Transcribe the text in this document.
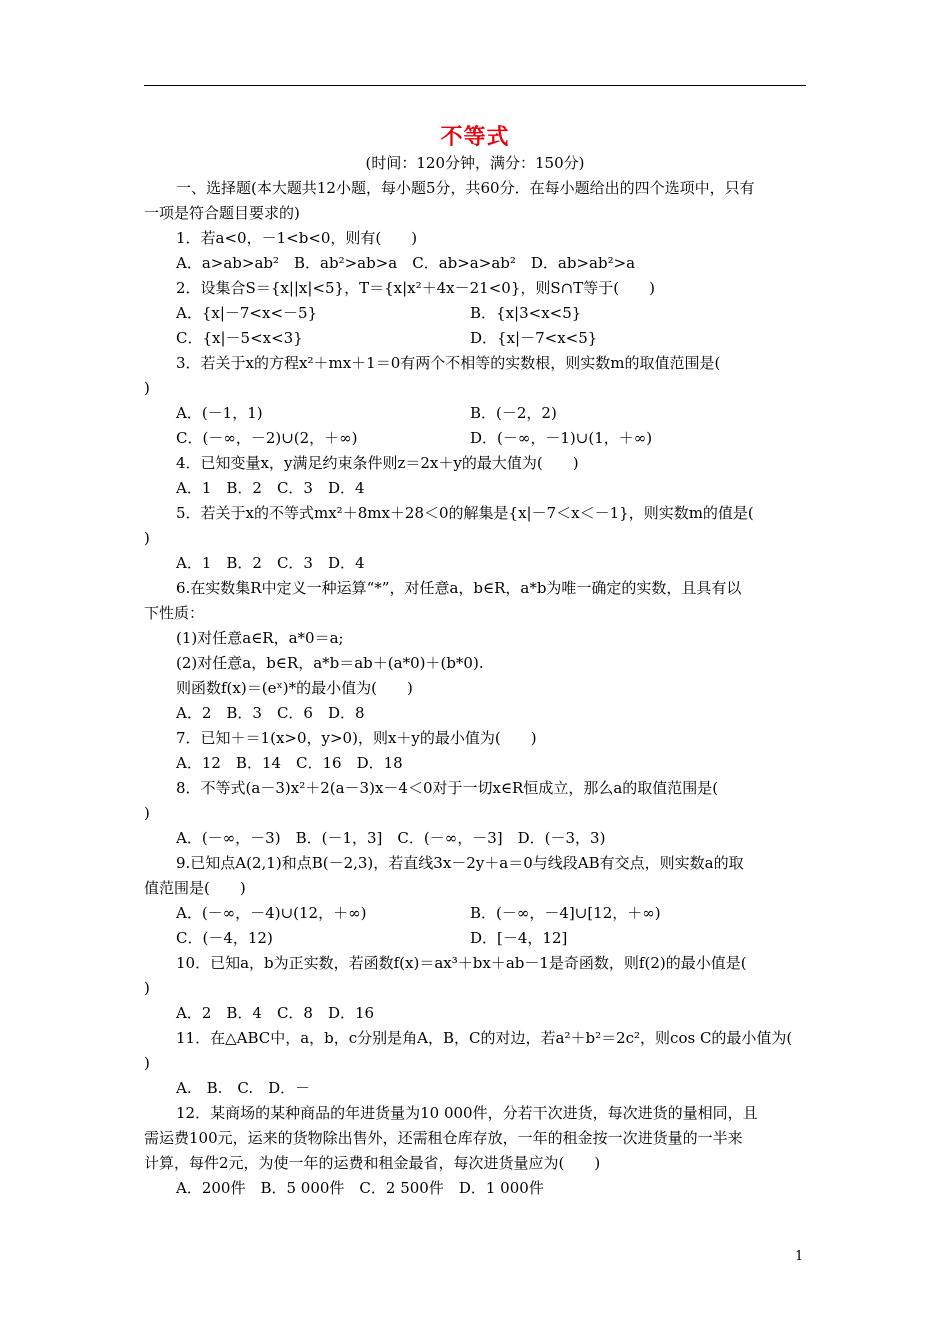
不等式
(时间：120分钟，满分：150分)
一、选择题(本大题共12小题，每小题5分，共60分．在每小题给出的四个选项中，只有
一项是符合题目要求的)
1．若a<0，－1<b<0，则有(　　)
A．a>ab>ab²　B．ab²>ab>a　C．ab>a>ab²　D．ab>ab²>a
2．设集合S＝{x||x|<5}，T＝{x|x²＋4x－21<0}，则S∩T等于(　　)
A．{x|－7<x<－5}	B．{x|3<x<5}
C．{x|－5<x<3}	D．{x|－7<x<5}
3．若关于x的方程x²＋mx＋1＝0有两个不相等的实数根，则实数m的取值范围是(
)
A．(－1，1)	B．(－2，2)
C．(－∞，－2)∪(2，＋∞)	D．(－∞，－1)∪(1，＋∞)
4．已知变量x，y满足约束条件则z＝2x＋y的最大值为(　　)
A．1　B．2　C．3　D．4
5．若关于x的不等式mx²＋8mx＋28＜0的解集是{x|－7＜x＜－1}，则实数m的值是(
)
A．1　B．2　C．3　D．4
6.在实数集R中定义一种运算“*”，对任意a，b∈R，a*b为唯一确定的实数，且具有以
下性质：
(1)对任意a∈R，a*0＝a;
(2)对任意a，b∈R，a*b＝ab＋(a*0)＋(b*0).
则函数f(x)＝(eˣ)*的最小值为(　　)
A．2　B．3　C．6　D．8
7．已知＋＝1(x>0，y>0)，则x＋y的最小值为(　　)
A．12　B．14　C．16　D．18
8．不等式(a－3)x²＋2(a－3)x－4＜0对于一切x∈R恒成立，那么a的取值范围是(
)
A．(－∞，－3)　B．(－1，3]　C．(－∞，－3]　D．(－3，3)
9.已知点A(2,1)和点B(－2,3)，若直线3x－2y＋a＝0与线段AB有交点，则实数a的取
值范围是(　　)
A．(－∞，－4)∪(12，＋∞)	B．(－∞，－4]∪[12，＋∞)
C．(－4，12)	D．[－4，12]
10．已知a，b为正实数，若函数f(x)＝ax³＋bx＋ab－1是奇函数，则f(2)的最小值是(
)
A．2　B．4　C．8　D．16
11．在△ABC中，a，b，c分别是角A，B，C的对边，若a²＋b²＝2c²，则cos C的最小值为(
)
A.　B.　C.　D．－
12．某商场的某种商品的年进货量为10 000件，分若干次进货，每次进货的量相同，且
需运费100元，运来的货物除出售外，还需租仓库存放，一年的租金按一次进货量的一半来
计算，每件2元，为使一年的运费和租金最省，每次进货量应为(　　)
A．200件　B．5 000件　C．2 500件　D．1 000件
1
